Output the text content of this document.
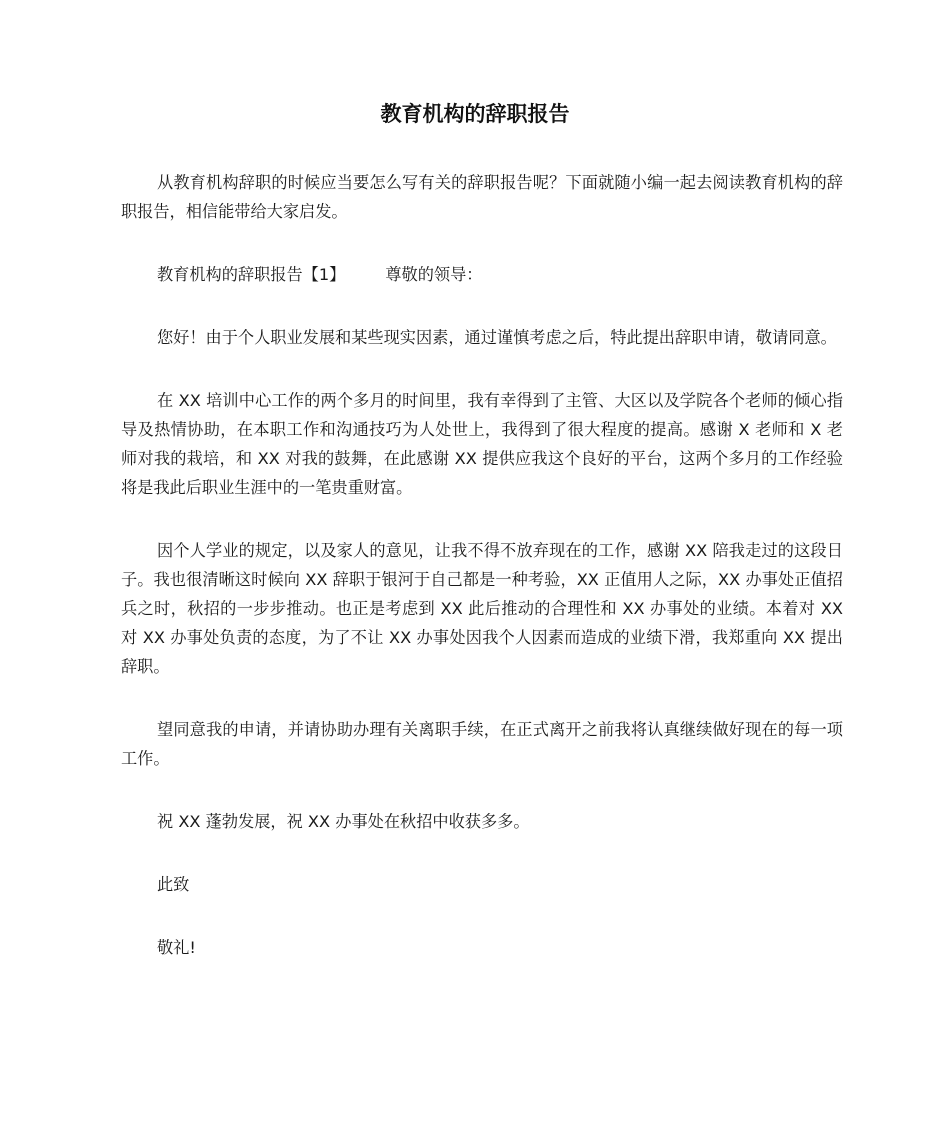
教育机构的辞职报告

从教育机构辞职的时候应当要怎么写有关的辞职报告呢？下面就随小编一起去阅读教育机构的辞职报告，相信能带给大家启发。

教育机构的辞职报告【1】 尊敬的领导：

您好！由于个人职业发展和某些现实因素，通过谨慎考虑之后，特此提出辞职申请，敬请同意。

在 XX 培训中心工作的两个多月的时间里，我有幸得到了主管、大区以及学院各个老师的倾心指导及热情协助，在本职工作和沟通技巧为人处世上，我得到了很大程度的提高。感谢 X 老师和 X 老师对我的栽培，和 XX 对我的鼓舞，在此感谢 XX 提供应我这个良好的平台，这两个多月的工作经验将是我此后职业生涯中的一笔贵重财富。

因个人学业的规定，以及家人的意见，让我不得不放弃现在的工作，感谢 XX 陪我走过的这段日子。我也很清晰这时候向 XX 辞职于银河于自己都是一种考验，XX 正值用人之际，XX 办事处正值招兵之时，秋招的一步步推动。也正是考虑到 XX 此后推动的合理性和 XX 办事处的业绩。本着对 XX 对 XX 办事处负责的态度，为了不让 XX 办事处因我个人因素而造成的业绩下滑，我郑重向 XX 提出辞职。

望同意我的申请，并请协助办理有关离职手续，在正式离开之前我将认真继续做好现在的每一项工作。

祝 XX 蓬勃发展，祝 XX 办事处在秋招中收获多多。

此致

敬礼!
